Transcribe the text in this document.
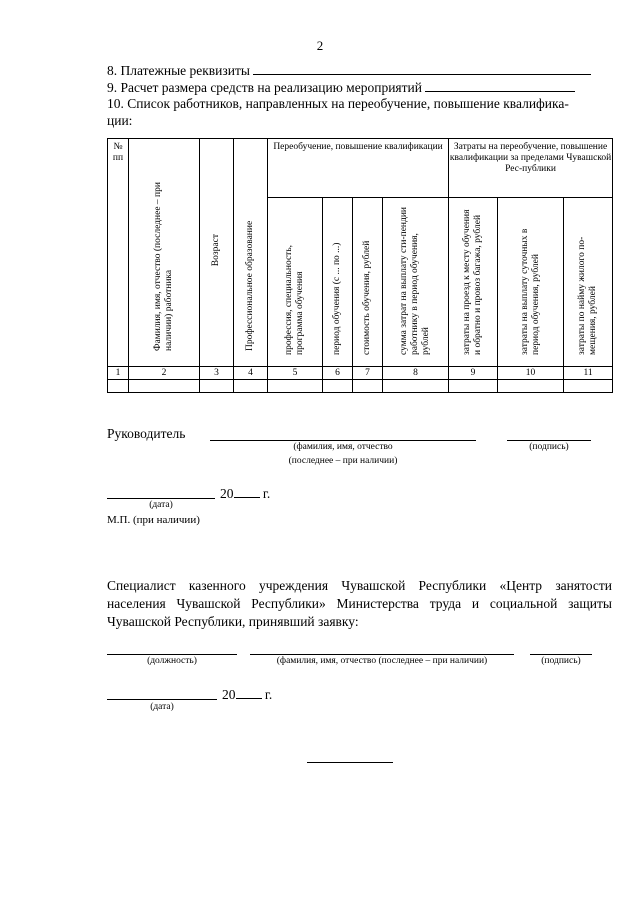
2
8. Платежные реквизиты
9. Расчет размера средств на реализацию мероприятий
10. Список работников, направленных на переобучение, повышение квалифика-
ции:
№ пп	Фамилия, имя, отчество (последнее – при наличии) работника	Возраст	Профессиональное образование	Переобучение, повышение квалификации				Затраты на переобучение, повышение квалификации за пределами Чувашской Рес-публики		
				профессия, специальность, программа обучения	период обучения (с ... по ...)	стоимость обучения, рублей	сумма затрат на выплату сти-пендии работнику в период обучения, рублей	затраты на проезд к месту обучения и обратно и провоз багажа, рублей	затраты на выплату суточных в период обучения, рублей	затраты по найму жилого по-мещения, рублей
1	2	3	4	5	6	7	8	9	10	11

Руководитель
(фамилия, имя, отчество
(последнее – при наличии)
(подпись)
20 г.
(дата)
М.П. (при наличии)
Специалист казенного учреждения Чувашской Республики «Центр занятости населения Чувашской Республики» Министерства труда и социальной защиты Чувашской Республики, принявший заявку:
(должность)	(фамилия, имя, отчество (последнее – при наличии)	(подпись)
20 г.
(дата)
